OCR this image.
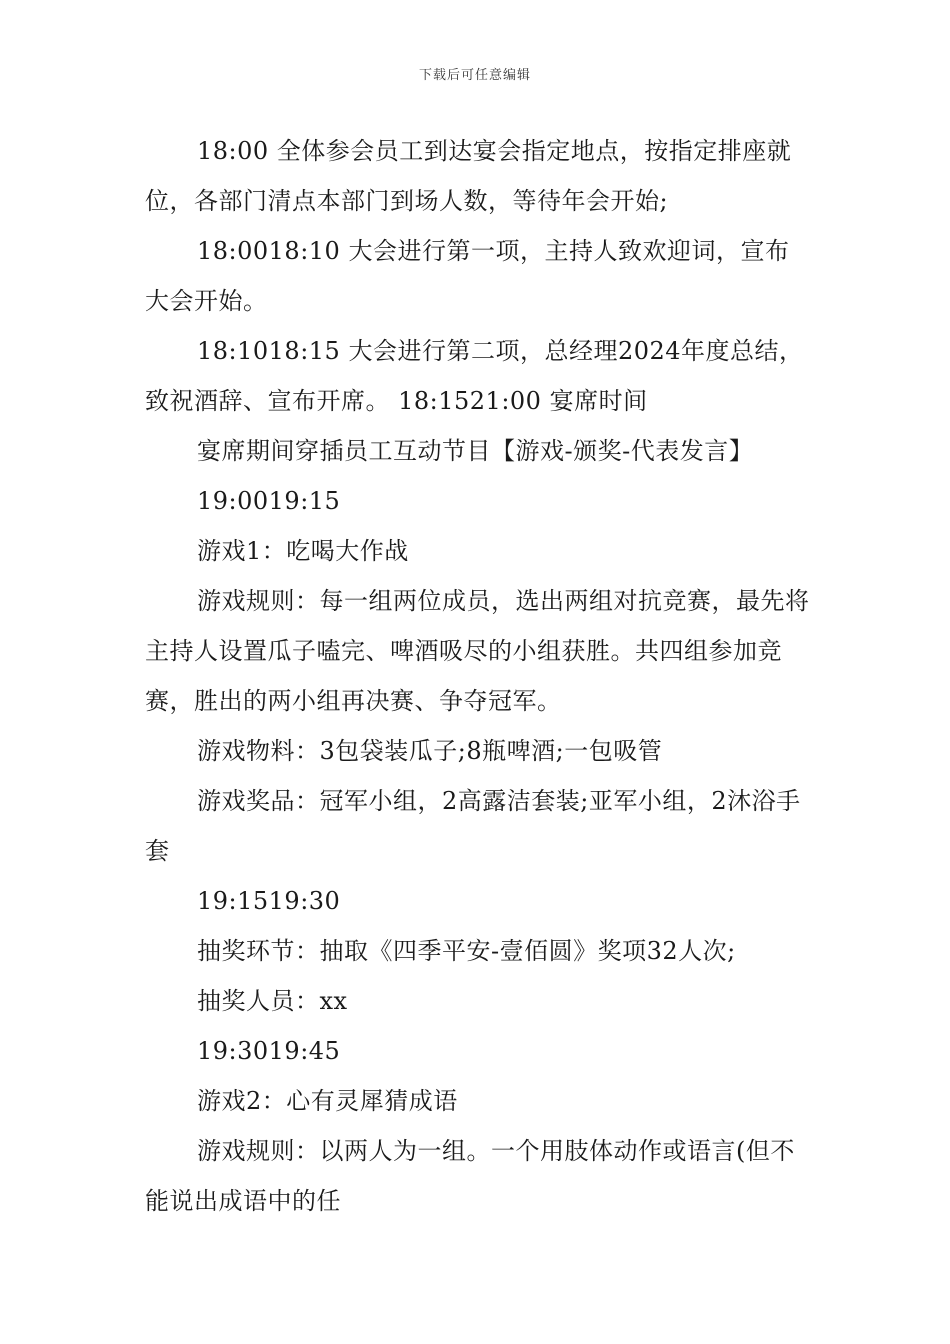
下载后可任意编辑

18:00 全体参会员工到达宴会指定地点，按指定排座就位，各部门清点本部门到场人数，等待年会开始;

18:0018:10 大会进行第一项，主持人致欢迎词，宣布大会开始。

18:1018:15 大会进行第二项，总经理2024年度总结，致祝酒辞、宣布开席。 18:1521:00 宴席时间

宴席期间穿插员工互动节目【游戏-颁奖-代表发言】

19:0019:15

游戏1：吃喝大作战

游戏规则：每一组两位成员，选出两组对抗竞赛，最先将主持人设置瓜子嗑完、啤酒吸尽的小组获胜。共四组参加竞赛，胜出的两小组再决赛、争夺冠军。

游戏物料：3包袋装瓜子;8瓶啤酒;一包吸管

游戏奖品：冠军小组，2高露洁套装;亚军小组，2沐浴手套

19:1519:30

抽奖环节：抽取《四季平安-壹佰圆》奖项32人次;

抽奖人员：xx

19:3019:45

游戏2：心有灵犀猜成语

游戏规则：以两人为一组。一个用肢体动作或语言(但不能说出成语中的任
